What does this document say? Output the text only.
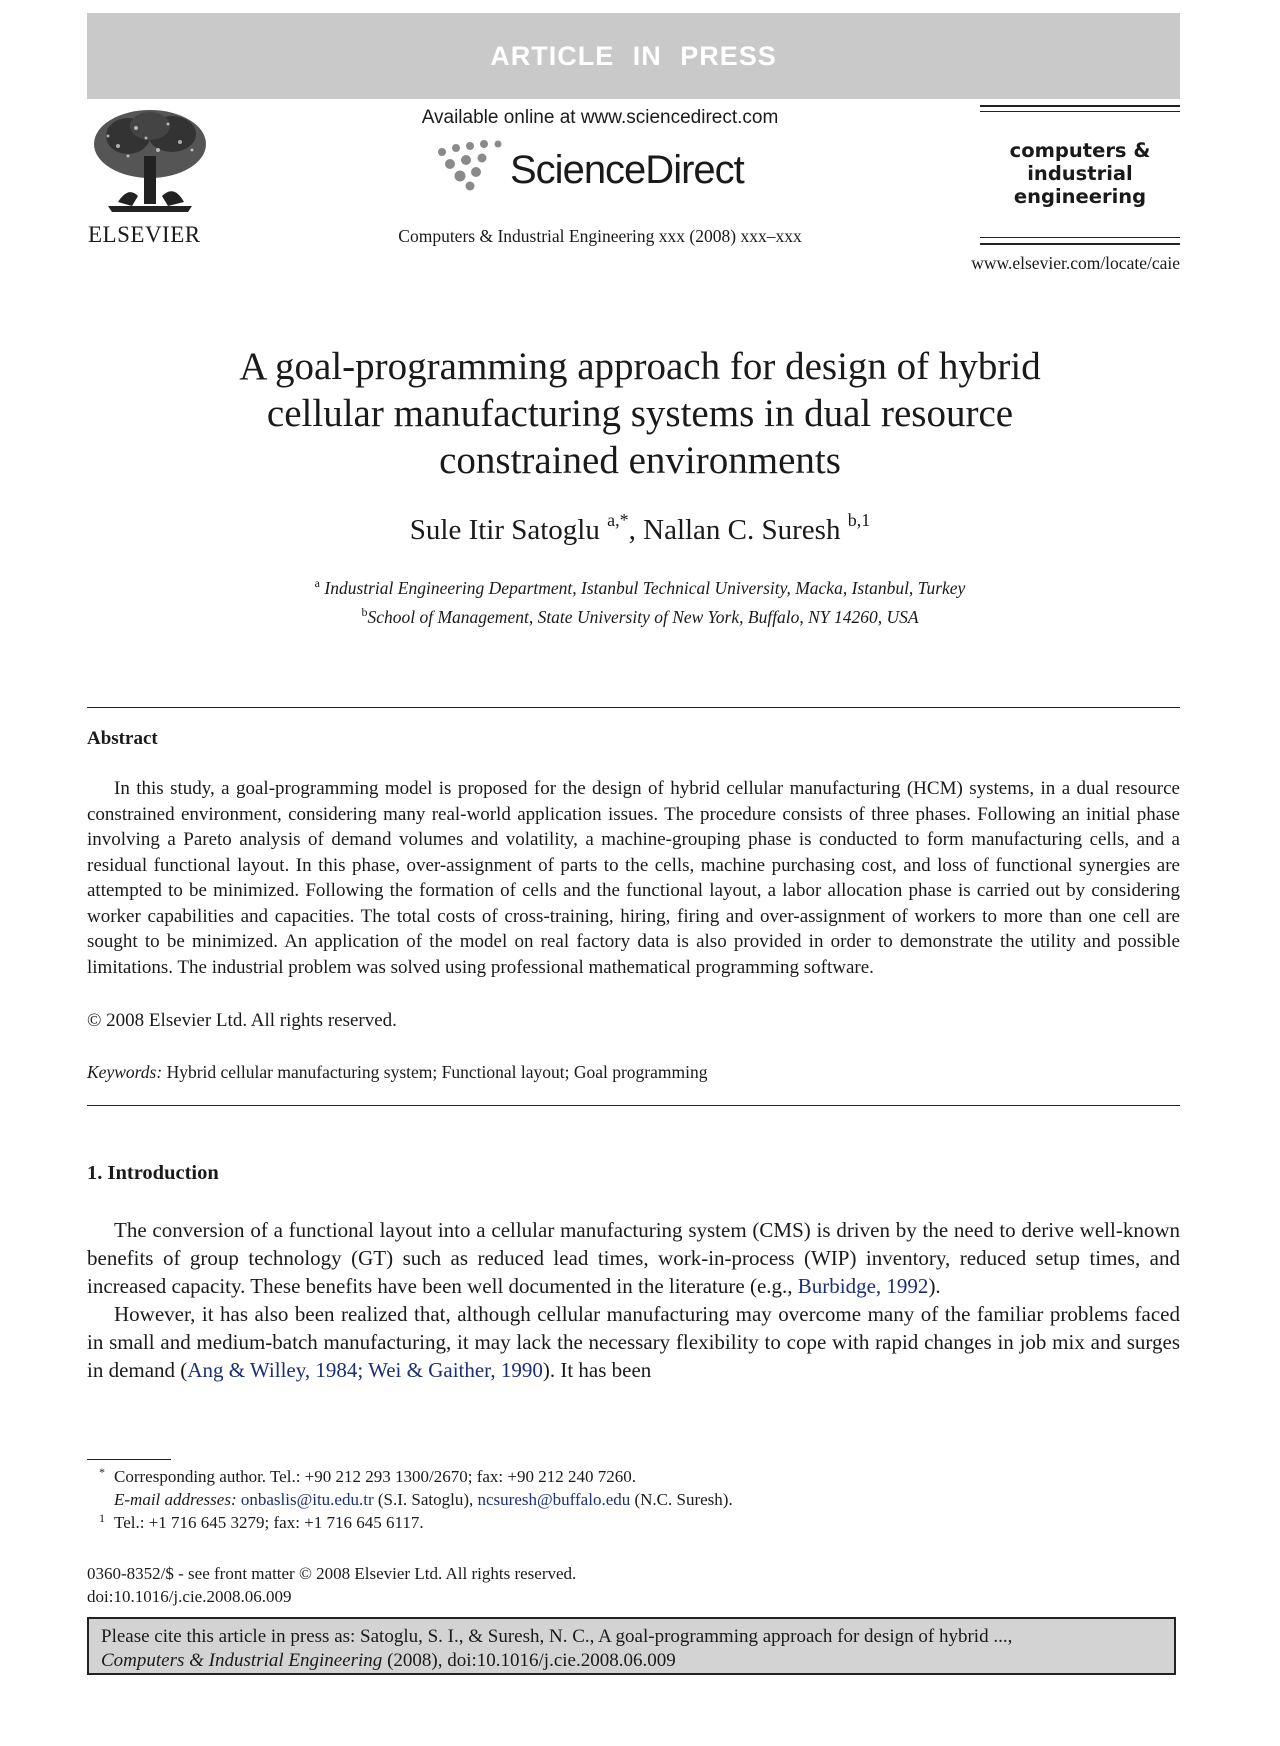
ARTICLE IN PRESS
ELSEVIER
Available online at www.sciencedirect.com
ScienceDirect
Computers & Industrial Engineering xxx (2008) xxx–xxx
computers &
industrial
engineering
www.elsevier.com/locate/caie
A goal-programming approach for design of hybrid
cellular manufacturing systems in dual resource
constrained environments
Sule Itir Satoglu $^{a,*}$, Nallan C. Suresh $^{b,1}$
$^a$ Industrial Engineering Department, Istanbul Technical University, Macka, Istanbul, Turkey
$^b$School of Management, State University of New York, Buffalo, NY 14260, USA
Abstract
In this study, a goal-programming model is proposed for the design of hybrid cellular manufacturing (HCM) systems, in a dual resource constrained environment, considering many real-world application issues. The procedure consists of three phases. Following an initial phase involving a Pareto analysis of demand volumes and volatility, a machine-grouping phase is conducted to form manufacturing cells, and a residual functional layout. In this phase, over-assignment of parts to the cells, machine purchasing cost, and loss of functional synergies are attempted to be minimized. Following the formation of cells and the functional layout, a labor allocation phase is carried out by considering worker capabilities and capacities. The total costs of cross-training, hiring, firing and over-assignment of workers to more than one cell are sought to be minimized. An application of the model on real factory data is also provided in order to demonstrate the utility and possible limitations. The industrial problem was solved using professional mathematical programming software.
© 2008 Elsevier Ltd. All rights reserved.
Keywords: Hybrid cellular manufacturing system; Functional layout; Goal programming
1. Introduction

The conversion of a functional layout into a cellular manufacturing system (CMS) is driven by the need to derive well-known benefits of group technology (GT) such as reduced lead times, work-in-process (WIP) inventory, reduced setup times, and increased capacity. These benefits have been well documented in the literature (e.g., Burbidge, 1992).

However, it has also been realized that, although cellular manufacturing may overcome many of the familiar problems faced in small and medium-batch manufacturing, it may lack the necessary flexibility to cope with rapid changes in job mix and surges in demand (Ang & Willey, 1984; Wei & Gaither, 1990). It has been

* Corresponding author. Tel.: +90 212 293 1300/2670; fax: +90 212 240 7260.
E-mail addresses: onbaslis@itu.edu.tr (S.I. Satoglu), ncsuresh@buffalo.edu (N.C. Suresh).
1 Tel.: +1 716 645 3279; fax: +1 716 645 6117.
0360-8352/$ - see front matter © 2008 Elsevier Ltd. All rights reserved.
doi:10.1016/j.cie.2008.06.009
Please cite this article in press as: Satoglu, S. I., & Suresh, N. C., A goal-programming approach for design of hybrid ...,
Computers & Industrial Engineering (2008), doi:10.1016/j.cie.2008.06.009
